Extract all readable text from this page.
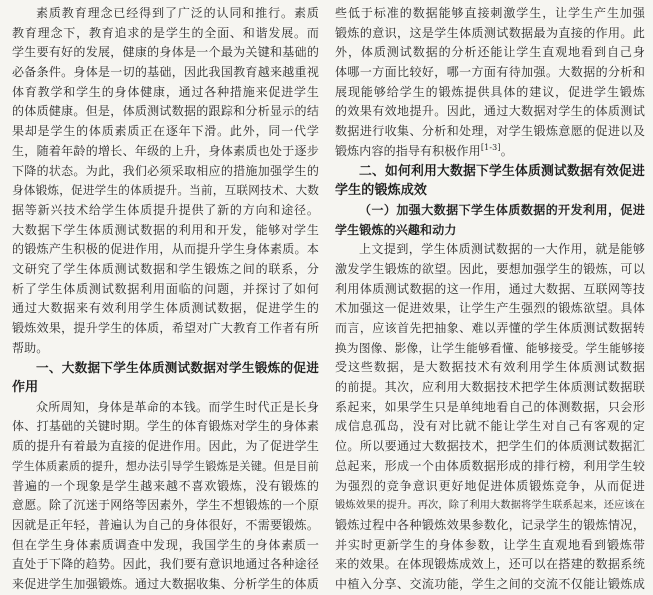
素质教育理念已经得到了广泛的认同和推行。素质
教育理念下，教育追求的是学生的全面、和谐发展。而
学生要有好的发展，健康的身体是一个最为关键和基础的
必备条件。身体是一切的基础，因此我国教育越来越重视
体育教学和学生的身体健康，通过各种措施来促进学生
的体质健康。但是，体质测试数据的跟踪和分析显示的结
果却是学生的体质素质正在逐年下滑。此外，同一代学
生，随着年龄的增长、年级的上升，身体素质也处于逐步
下降的状态。为此，我们必须采取相应的措施加强学生的
身体锻炼，促进学生的体质提升。当前，互联网技术、大数
据等新兴技术给学生体质提升提供了新的方向和途径。
大数据下学生体质测试数据的利用和开发，能够对学生
的锻炼产生积极的促进作用，从而提升学生身体素质。本
文研究了学生体质测试数据和学生锻炼之间的联系，分
析了学生体质测试数据利用面临的问题，并探讨了如何
通过大数据来有效利用学生体质测试数据，促进学生的
锻炼效果，提升学生的体质，希望对广大教育工作者有所
帮助。
一、大数据下学生体质测试数据对学生锻炼的促进
作用
众所周知，身体是革命的本钱。而学生时代正是长身
体、打基础的关键时期。学生的体育锻炼对学生的身体素
质的提升有着最为直接的促进作用。因此，为了促进学生
学生体质素质的提升，想办法引导学生锻炼是关键。但是目前
普遍的一个现象是学生越来越不喜欢锻炼，没有锻炼的
意愿。除了沉迷于网络等因素外，学生不想锻炼的一个原
因就是正年轻，普遍认为自己的身体很好，不需要锻炼。
但在学生身体素质调查中发现，我国学生的身体素质一
直处于下降的趋势。因此，我们要有意识地通过各种途径
来促进学生加强锻炼。通过大数据收集、分析学生的体质
些低于标准的数据能够直接刺激学生，让学生产生加强
锻炼的意识，这是学生体质测试数据最为直接的作用。此
外，体质测试数据的分析还能让学生直观地看到自己身
体哪一方面比较好，哪一方面有待加强。大数据的分析和
展现能够给学生的锻炼提供具体的建议，促进学生锻炼
的效果有效地提升。因此，通过大数据对学生的体质测试
数据进行收集、分析和处理，对学生锻炼意愿的促进以及
锻炼内容的指导有积极作用[1-3]。
二、如何利用大数据下学生体质测试数据有效促进
学生的锻炼成效
（一）加强大数据下学生体质数据的开发利用，促进
学生锻炼的兴趣和动力
上文提到，学生体质测试数据的一大作用，就是能够
激发学生锻炼的欲望。因此，要想加强学生的锻炼，可以
利用体质测试数据的这一作用，通过大数据、互联网等技
术加强这一促进效果，让学生产生强烈的锻炼欲望。具体
而言，应该首先把抽象、难以弄懂的学生体质测试数据转
换为图像、影像，让学生能够看懂、能够接受。学生能够接
受这些数据，是大数据技术有效利用学生体质测试数据
的前提。其次，应利用大数据技术把学生体质测试数据联
系起来，如果学生只是单纯地看自己的体测数据，只会形
成信息孤岛，没有对比就不能让学生对自己有客观的定
位。所以要通过大数据技术，把学生们的体质测试数据汇
总起来，形成一个由体质数据形成的排行榜，利用学生较
为强烈的竞争意识更好地促进体质锻炼竞争，从而促进
锻炼效果的提升。再次，除了利用大数据将学生联系起来，还应该在
锻炼过程中各种锻炼效果参数化，记录学生的锻炼情况，
并实时更新学生的身体参数，让学生直观地看到锻炼带
来的效果。在体现锻炼成效上，还可以在搭建的数据系统
中植入分享、交流功能，学生之间的交流不仅能让锻炼成
